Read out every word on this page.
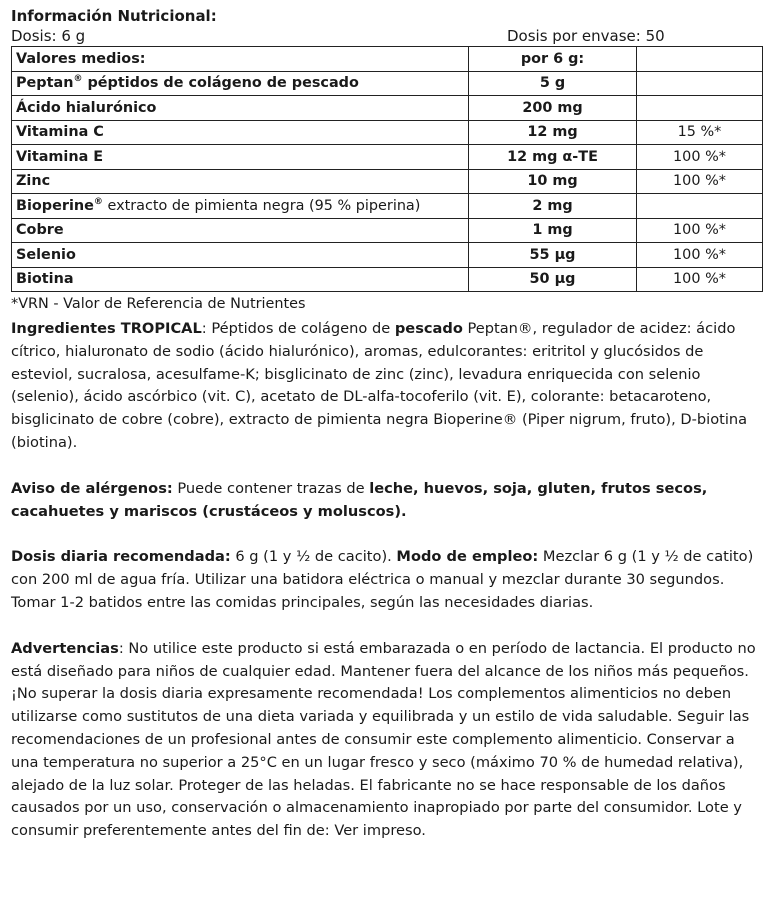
Información Nutricional:

Dosis: 6 g	Dosis por envase: 50
Valores medios:	por 6 g:	
Peptan® péptidos de colágeno de pescado	5 g	
Ácido hialurónico	200 mg	
Vitamina C	12 mg	15 %*
Vitamina E	12 mg α-TE	100 %*
Zinc	10 mg	100 %*
Bioperine® extracto de pimienta negra (95 % piperina)	2 mg	
Cobre	1 mg	100 %*
Selenio	55 µg	100 %*
Biotina	50 µg	100 %*

*VRN - Valor de Referencia de Nutrientes

Ingredientes TROPICAL: Péptidos de colágeno de pescado Peptan®, regulador de acidez: ácido cítrico, hialuronato de sodio (ácido hialurónico), aromas, edulcorantes: eritritol y glucósidos de esteviol, sucralosa, acesulfame-K; bisglicinato de zinc (zinc), levadura enriquecida con selenio (selenio), ácido ascórbico (vit. C), acetato de DL-alfa-tocoferilo (vit. E), colorante: betacaroteno, bisglicinato de cobre (cobre), extracto de pimienta negra Bioperine® (Piper nigrum, fruto), D-biotina (biotina).

Aviso de alérgenos: Puede contener trazas de leche, huevos, soja, gluten, frutos secos, cacahuetes y mariscos (crustáceos y moluscos).

Dosis diaria recomendada: 6 g (1 y ½ de cacito). Modo de empleo: Mezclar 6 g (1 y ½ de catito) con 200 ml de agua fría. Utilizar una batidora eléctrica o manual y mezclar durante 30 segundos. Tomar 1-2 batidos entre las comidas principales, según las necesidades diarias.

Advertencias: No utilice este producto si está embarazada o en período de lactancia. El producto no está diseñado para niños de cualquier edad. Mantener fuera del alcance de los niños más pequeños. ¡No superar la dosis diaria expresamente recomendada! Los complementos alimenticios no deben utilizarse como sustitutos de una dieta variada y equilibrada y un estilo de vida saludable. Seguir las recomendaciones de un profesional antes de consumir este complemento alimenticio. Conservar a una temperatura no superior a 25°C en un lugar fresco y seco (máximo 70 % de humedad relativa), alejado de la luz solar. Proteger de las heladas. El fabricante no se hace responsable de los daños causados por un uso, conservación o almacenamiento inapropiado por parte del consumidor. Lote y consumir preferentemente antes del fin de: Ver impreso.
